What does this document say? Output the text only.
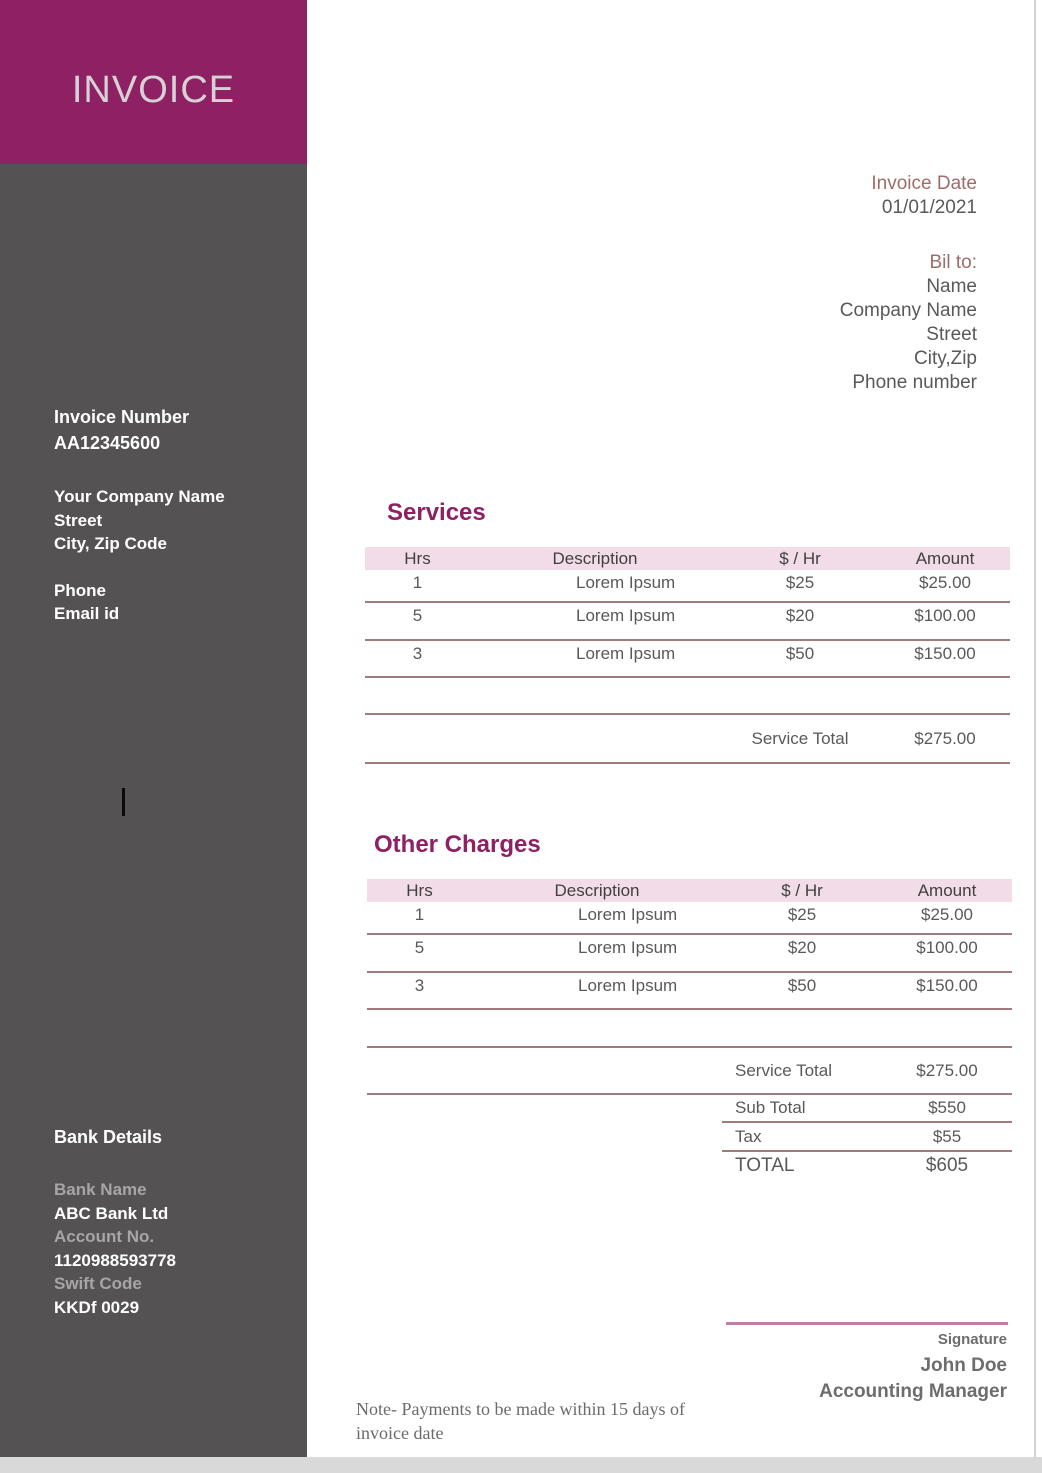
INVOICE
Invoice Number
AA12345600
Your Company Name
Street
City, Zip Code
Phone
Email id
Bank Details
Bank Name
ABC Bank Ltd
Account No.
1120988593778
Swift Code
KKDf 0029
Invoice Date
01/01/2021
Bil to:
Name
Company Name
Street
City,Zip
Phone number
Services
Hrs	Description	$ / Hr	Amount
1	Lorem Ipsum	$25	$25.00
5	Lorem Ipsum	$20	$100.00
3	Lorem Ipsum	$50	$150.00
Service Total	$275.00
Other Charges
Hrs	Description	$ / Hr	Amount
1	Lorem Ipsum	$25	$25.00
5	Lorem Ipsum	$20	$100.00
3	Lorem Ipsum	$50	$150.00
Service Total	$275.00
Sub Total	$550
Tax	$55
TOTAL	$605
Signature
John Doe
Accounting Manager
Note- Payments to be made within 15 days of
invoice date
